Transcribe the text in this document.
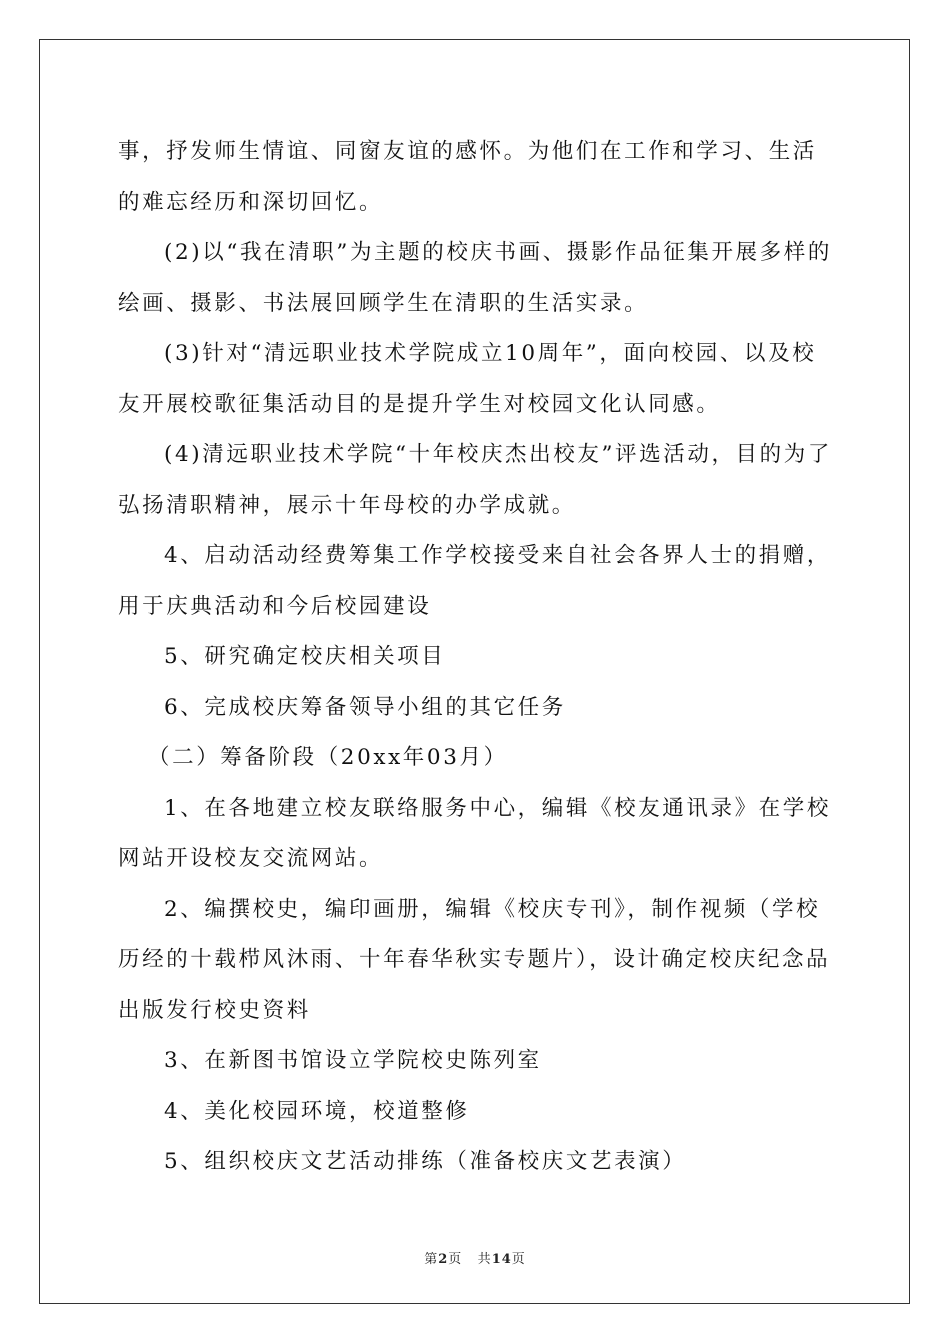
事，抒发师生情谊、同窗友谊的感怀。为他们在工作和学习、生活的难忘经历和深切回忆。

(2)以“我在清职”为主题的校庆书画、摄影作品征集开展多样的绘画、摄影、书法展回顾学生在清职的生活实录。

(3)针对“清远职业技术学院成立10周年”，面向校园、以及校友开展校歌征集活动目的是提升学生对校园文化认同感。

(4)清远职业技术学院“十年校庆杰出校友”评选活动，目的为了弘扬清职精神，展示十年母校的办学成就。

4、启动活动经费筹集工作学校接受来自社会各界人士的捐赠，用于庆典活动和今后校园建设

5、研究确定校庆相关项目

6、完成校庆筹备领导小组的其它任务

（二）筹备阶段（20xx年03月）

1、在各地建立校友联络服务中心，编辑《校友通讯录》在学校网站开设校友交流网站。

2、编撰校史，编印画册，编辑《校庆专刊》，制作视频（学校历经的十载栉风沐雨、十年春华秋实专题片），设计确定校庆纪念品出版发行校史资料

3、在新图书馆设立学院校史陈列室

4、美化校园环境，校道整修

5、组织校庆文艺活动排练（准备校庆文艺表演）

第2页 共14页
